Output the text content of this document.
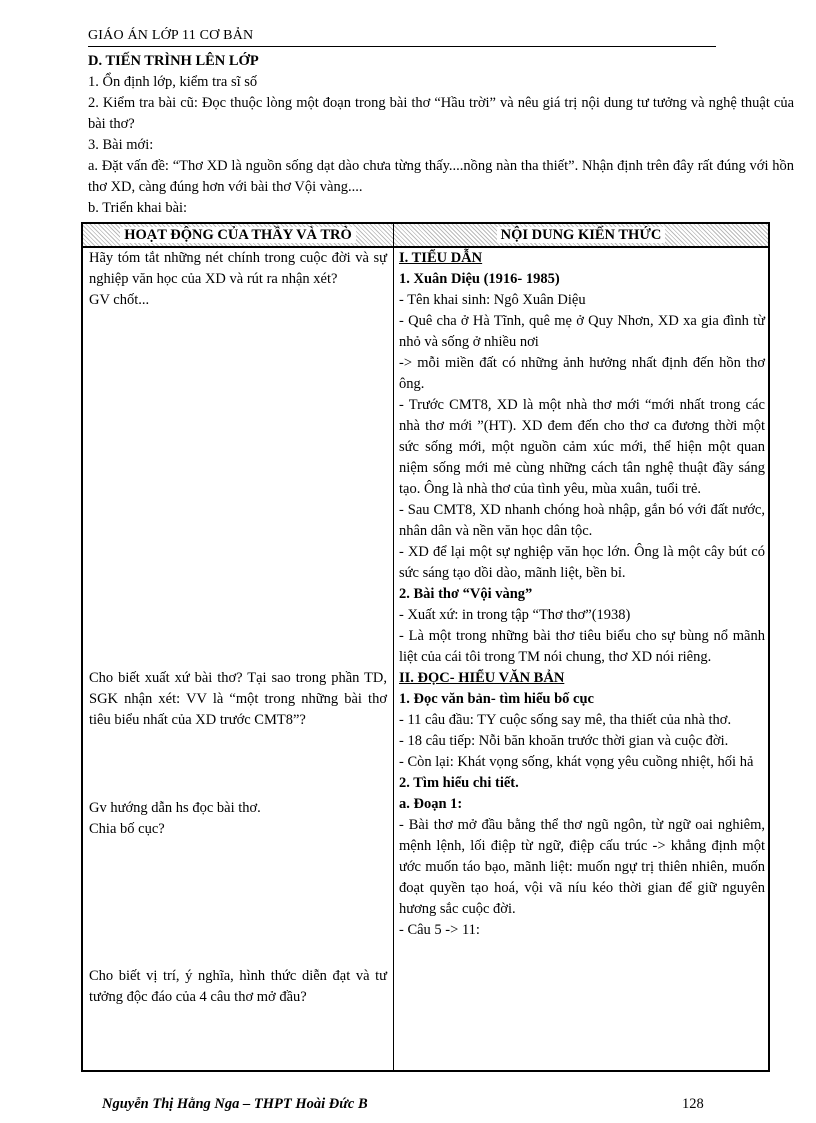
GIÁO ÁN LỚP 11 CƠ BẢN

D. TIẾN TRÌNH LÊN LỚP

1. Ổn định lớp, kiểm tra sĩ số

2. Kiểm tra bài cũ: Đọc thuộc lòng một đoạn trong bài thơ “Hầu trời” và nêu giá trị nội dung tư tưởng và nghệ thuật của bài thơ?

3. Bài mới:

a. Đặt vấn đề: “Thơ XD là nguồn sống dạt dào chưa từng thấy....nồng nàn tha thiết”. Nhận định trên đây rất đúng với hồn thơ XD, càng đúng hơn với bài thơ Vội vàng....

b. Triển khai bài:

HOẠT ĐỘNG CỦA THẦY VÀ TRÒ	NỘI DUNG KIẾN THỨC

Hãy tóm tắt những nét chính trong cuộc đời và sự nghiệp văn học của XD và rút ra nhận xét?

GV chốt...

Cho biết xuất xứ bài thơ? Tại sao trong phần TD, SGK nhận xét: VV là “một trong những bài thơ tiêu biểu nhất của XD trước CMT8”?

Gv hướng dẫn hs đọc bài thơ.

Chia bố cục?

Cho biết vị trí, ý nghĩa, hình thức diễn đạt và tư tưởng độc đáo của 4 câu thơ mở đầu?

I. TIỂU DẪN

1. Xuân Diệu (1916- 1985)

- Tên khai sinh: Ngô Xuân Diệu

- Quê cha ở Hà Tĩnh, quê mẹ ở Quy Nhơn, XD xa gia đình từ nhỏ và sống ở nhiều nơi

-> mỗi miền đất có những ảnh hưởng nhất định đến hồn thơ ông.

- Trước CMT8, XD là một nhà thơ mới “mới nhất trong các nhà thơ mới ”(HT). XD đem đến cho thơ ca đương thời một sức sống mới, một nguồn cảm xúc mới, thể hiện một quan niệm sống mới mẻ cùng những cách tân nghệ thuật đầy sáng tạo. Ông là nhà thơ của tình yêu, mùa xuân, tuổi trẻ.

- Sau CMT8, XD nhanh chóng hoà nhập, gắn bó với đất nước, nhân dân và nền văn học dân tộc.

- XD để lại một sự nghiệp văn học lớn. Ông là một cây bút có sức sáng tạo dồi dào, mãnh liệt, bền bỉ.

2. Bài thơ “Vội vàng”

- Xuất xứ: in trong tập “Thơ thơ”(1938)

- Là một trong những bài thơ tiêu biểu cho sự bùng nổ mãnh liệt của cái tôi trong TM nói chung, thơ XD nói riêng.

II. ĐỌC- HIỂU VĂN BẢN

1. Đọc văn bản- tìm hiểu bố cục

- 11 câu đầu: TY cuộc sống say mê, tha thiết của nhà thơ.

- 18 câu tiếp: Nỗi băn khoăn trước thời gian và cuộc đời.

- Còn lại: Khát vọng sống, khát vọng yêu cuồng nhiệt, hối hả

2. Tìm hiểu chi tiết.

a. Đoạn 1:

- Bài thơ mở đầu bằng thể thơ ngũ ngôn, từ ngữ oai nghiêm, mệnh lệnh, lối điệp từ ngữ, điệp cấu trúc -> khẳng định một ước muốn táo bạo, mãnh liệt: muốn ngự trị thiên nhiên, muốn đoạt quyền tạo hoá, vội vã níu kéo thời gian để giữ nguyên hương sắc cuộc đời.

- Câu 5 -> 11:

Nguyễn Thị Hằng Nga – THPT Hoài Đức B	128
